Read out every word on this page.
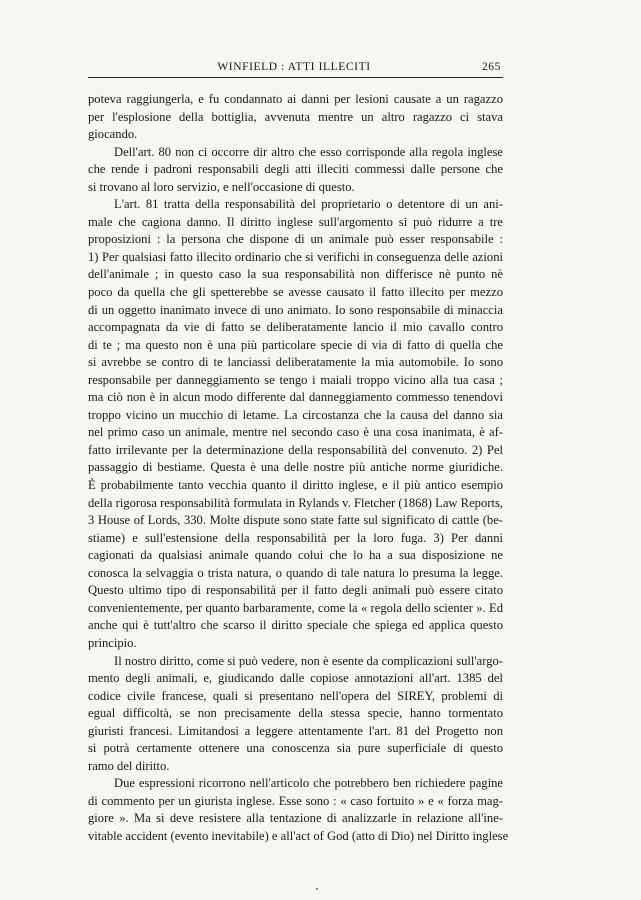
WINFIELD : ATTI ILLECITI	265
poteva raggiungerla, e fu condannato ai danni per lesioni causate a un ragazzo
per l'esplosione della bottiglia, avvenuta mentre un altro ragazzo ci stava
giocando.
Dell'art. 80 non ci occorre dir altro che esso corrisponde alla regola inglese
che rende i padroni responsabili degli atti illeciti commessi dalle persone che
si trovano al loro servizio, e nell'occasione di questo.
L'art. 81 tratta della responsabilità del proprietario o detentore di un ani-
male che cagiona danno. Il diritto inglese sull'argomento si può ridurre a tre
proposizioni : la persona che dispone di un animale può esser responsabile :
1) Per qualsiasi fatto illecito ordinario che si verifichi in conseguenza delle azioni
dell'animale ; in questo caso la sua responsabilità non differisce nè punto nè
poco da quella che gli spetterebbe se avesse causato il fatto illecito per mezzo
di un oggetto inanimato invece di uno animato. Io sono responsabile di minaccia
accompagnata da vie di fatto se deliberatamente lancio il mio cavallo contro
di te ; ma questo non è una più particolare specie di via di fatto di quella che
si avrebbe se contro di te lanciassi deliberatamente la mia automobile. Io sono
responsabile per danneggiamento se tengo i maiali troppo vicino alla tua casa ;
ma ciò non è in alcun modo differente dal danneggiamento commesso tenendovi
troppo vicino un mucchio di letame. La circostanza che la causa del danno sia
nel primo caso un animale, mentre nel secondo caso è una cosa inanimata, è af-
fatto irrilevante per la determinazione della responsabilità del convenuto. 2) Pel
passaggio di bestiame. Questa è una delle nostre più antiche norme giuridiche.
È probabilmente tanto vecchia quanto il diritto inglese, e il più antico esempio
della rigorosa responsabilità formulata in Rylands v. Fletcher (1868) Law Reports,
3 House of Lords, 330. Molte dispute sono state fatte sul significato di cattle (be-
stiame) e sull'estensione della responsabilità per la loro fuga. 3) Per danni
cagionati da qualsiasi animale quando colui che lo ha a sua disposizione ne
conosca la selvaggia o trista natura, o quando di tale natura lo presuma la legge.
Questo ultimo tipo di responsabilità per il fatto degli animali può essere citato
convenientemente, per quanto barbaramente, come la « regola dello scienter ». Ed
anche qui è tutt'altro che scarso il diritto speciale che spiega ed applica questo
principio.
Il nostro diritto, come si può vedere, non è esente da complicazioni sull'argo-
mento degli animali, e, giudicando dalle copiose annotazioni all'art. 1385 del
codice civile francese, quali si presentano nell'opera del SIREY, problemi di
egual difficoltà, se non precisamente della stessa specie, hanno tormentato
giuristi francesi. Limitandosi a leggere attentamente l'art. 81 del Progetto non
si potrà certamente ottenere una conoscenza sia pure superficiale di questo
ramo del diritto.
Due espressioni ricorrono nell'articolo che potrebbero ben richiedere pagine
di commento per un giurista inglese. Esse sono : « caso fortuito » e « forza mag-
giore ». Ma si deve resistere alla tentazione di analizzarle in relazione all'ine-
vitable accident (evento inevitabile) e all'act of God (atto di Dio) nel Diritto inglese
